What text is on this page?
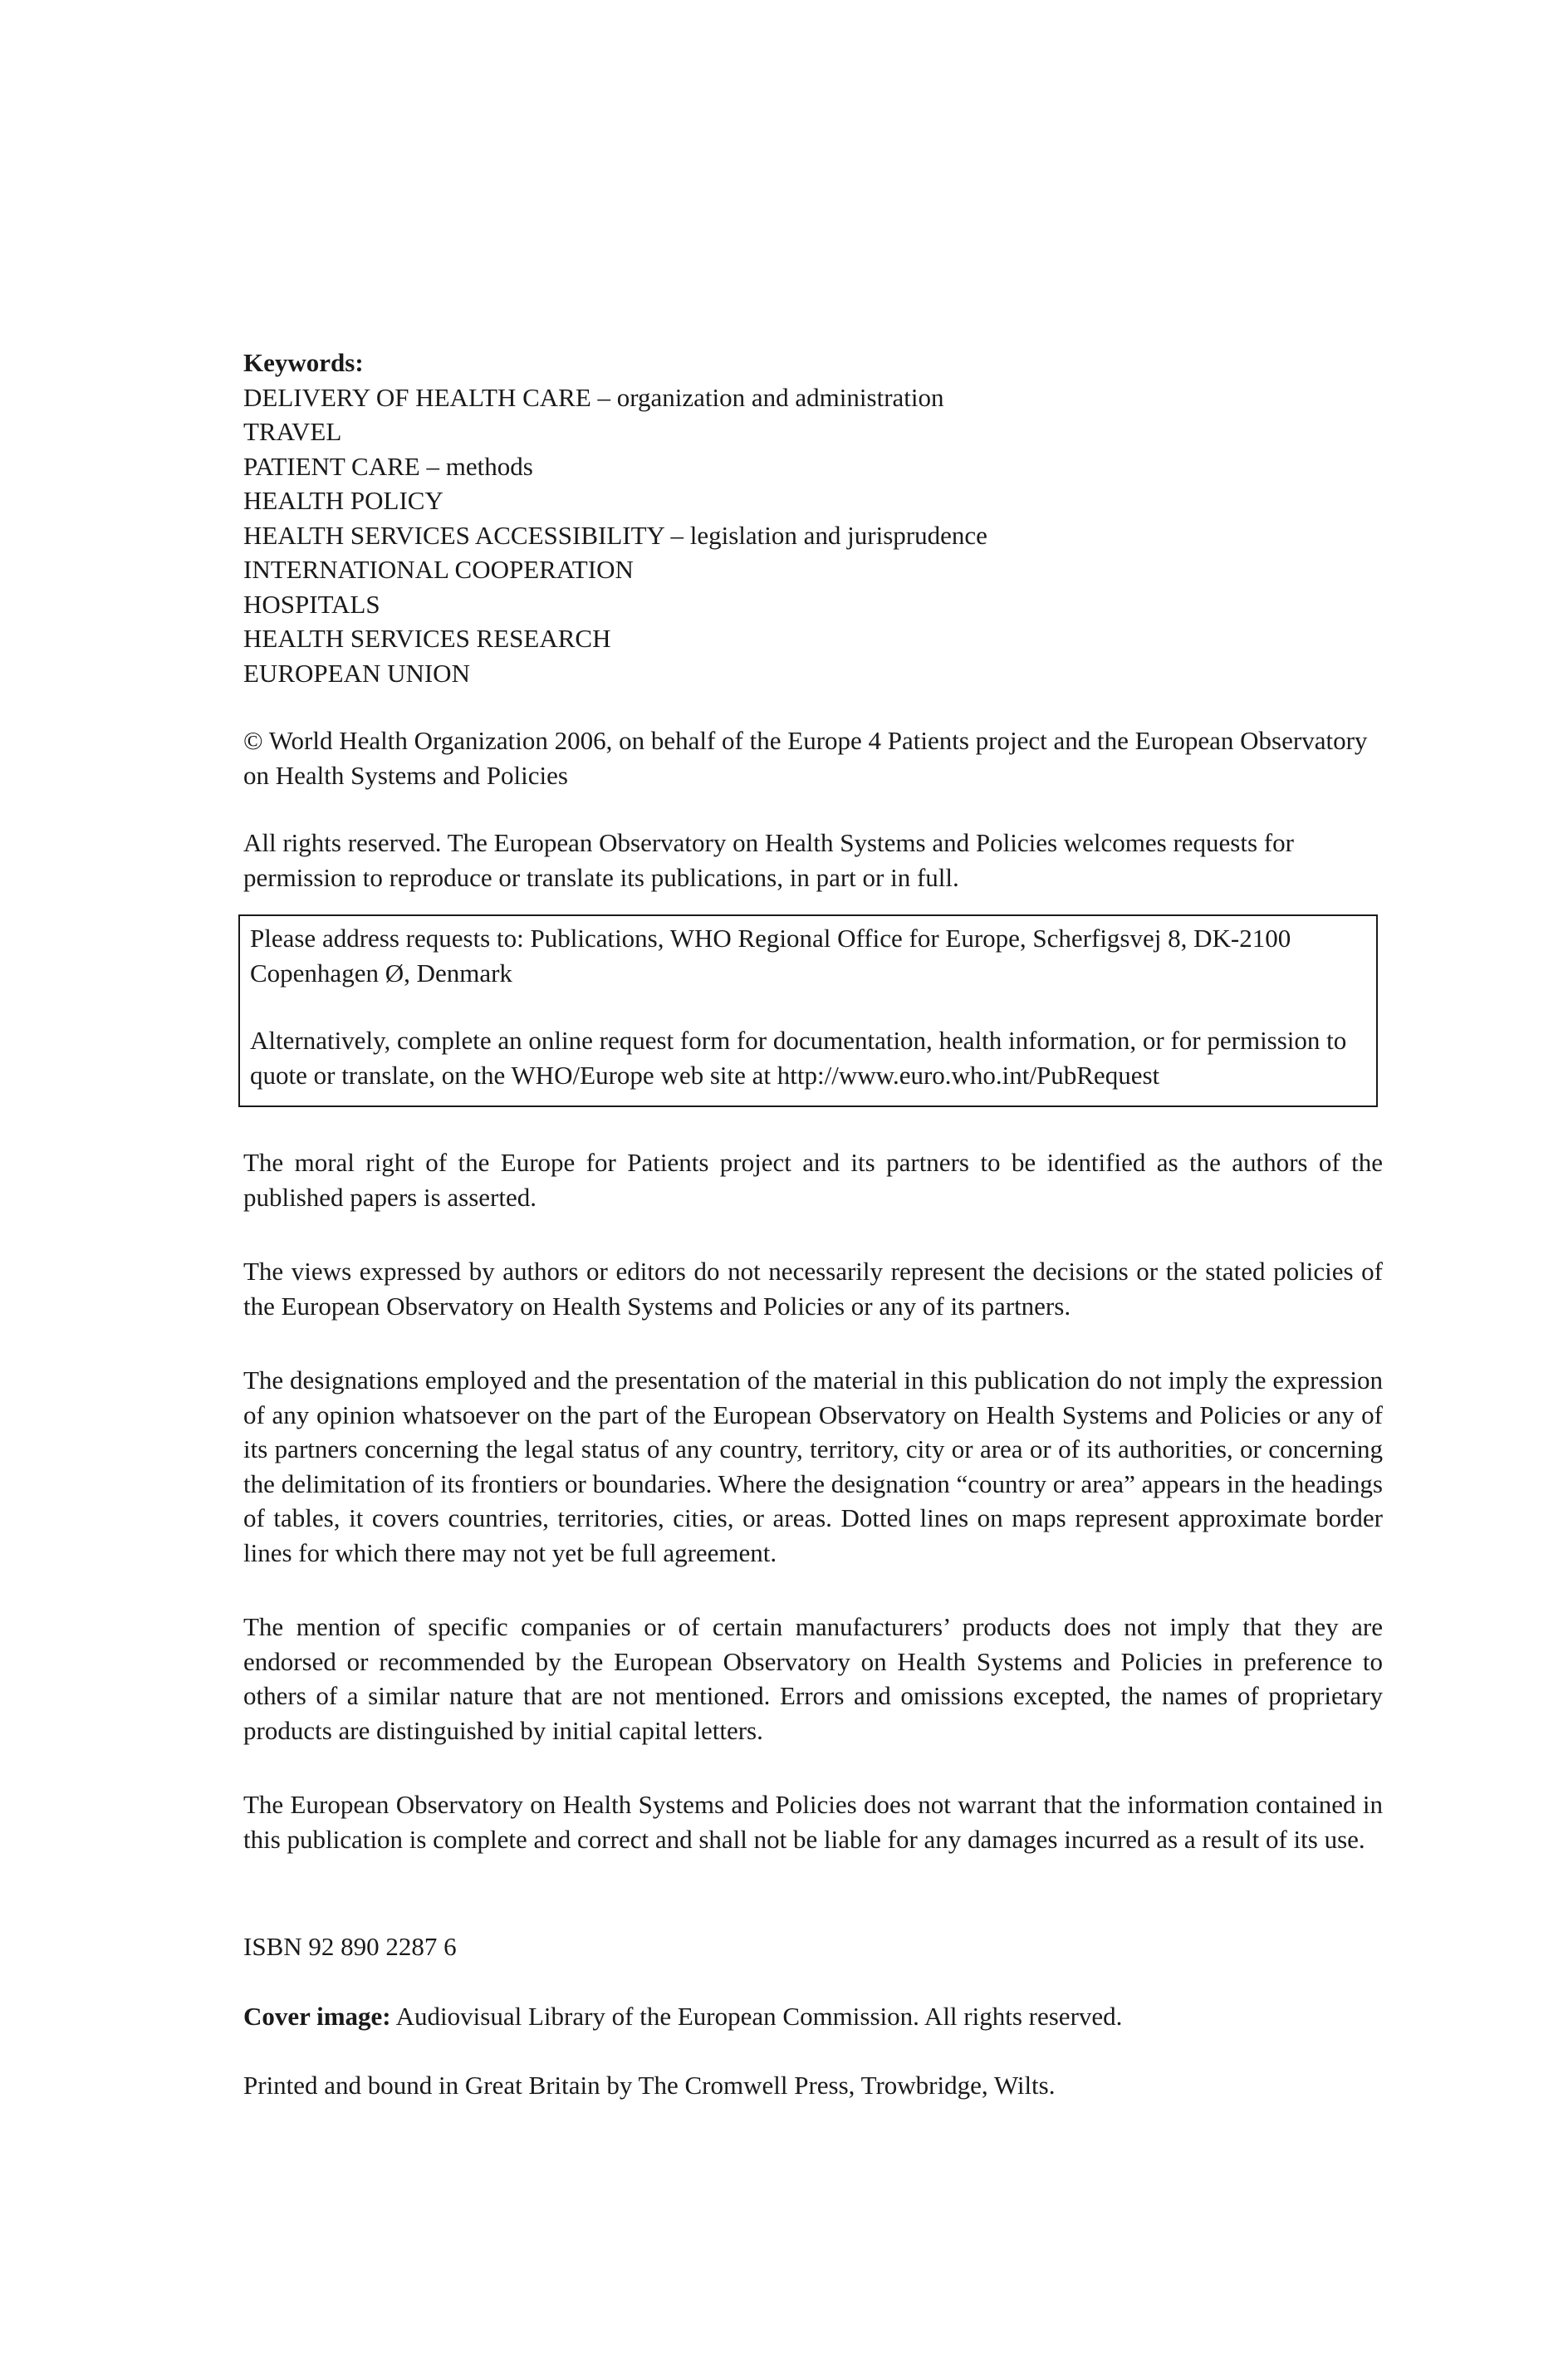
Keywords:

DELIVERY OF HEALTH CARE – organization and administration

TRAVEL

PATIENT CARE – methods

HEALTH POLICY

HEALTH SERVICES ACCESSIBILITY – legislation and jurisprudence

INTERNATIONAL COOPERATION

HOSPITALS

HEALTH SERVICES RESEARCH

EUROPEAN UNION

© World Health Organization 2006, on behalf of the Europe 4 Patients project and the European Observatory on Health Systems and Policies

All rights reserved. The European Observatory on Health Systems and Policies welcomes requests for permission to reproduce or translate its publications, in part or in full.

Please address requests to: Publications, WHO Regional Office for Europe, Scherfigsvej 8, DK-2100 Copenhagen Ø, Denmark

Alternatively, complete an online request form for documentation, health information, or for permission to quote or translate, on the WHO/Europe web site at http://www.euro.who.int/PubRequest

The moral right of the Europe for Patients project and its partners to be identified as the authors of the published papers is asserted.

The views expressed by authors or editors do not necessarily represent the decisions or the stated policies of the European Observatory on Health Systems and Policies or any of its partners.

The designations employed and the presentation of the material in this publication do not imply the expression of any opinion whatsoever on the part of the European Observatory on Health Systems and Policies or any of its partners concerning the legal status of any country, territory, city or area or of its authorities, or concerning the delimitation of its frontiers or boundaries. Where the designation “country or area” appears in the headings of tables, it covers countries, territories, cities, or areas. Dotted lines on maps represent approximate border lines for which there may not yet be full agreement.

The mention of specific companies or of certain manufacturers’ products does not imply that they are endorsed or recommended by the European Observatory on Health Systems and Policies in preference to others of a similar nature that are not mentioned. Errors and omissions excepted, the names of proprietary products are distinguished by initial capital letters.

The European Observatory on Health Systems and Policies does not warrant that the information contained in this publication is complete and correct and shall not be liable for any damages incurred as a result of its use.

ISBN 92 890 2287 6

Cover image: Audiovisual Library of the European Commission. All rights reserved.

Printed and bound in Great Britain by The Cromwell Press, Trowbridge, Wilts.
